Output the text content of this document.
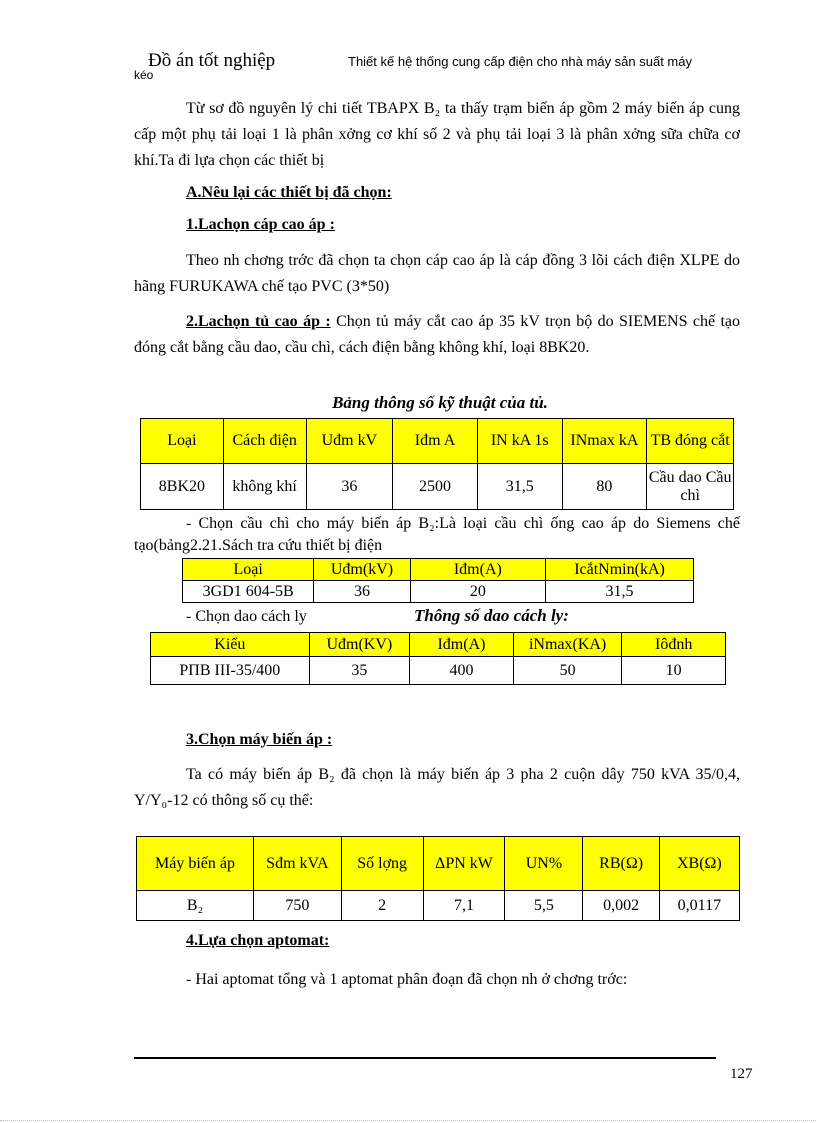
Đồ án tốt nghiệp	Thiết kế hệ thống cung cấp điện cho nhà máy sản suất máy
kéo

Từ sơ đồ nguyên lý chi tiết TBAPX B₂ ta thấy trạm biến áp gồm 2 máy biến áp cung cấp một phụ tải loại 1 là phân xởng cơ khí số 2 và phụ tải loại 3 là phân xởng sữa chữa cơ khí.Ta đi lựa chọn các thiết bị

A.Nêu lại các thiết bị đã chọn:
1.Lachọn cáp cao áp :

Theo nh chơng trớc đã chọn ta chọn cáp cao áp là cáp đồng 3 lõi cách điện XLPE do hãng FURUKAWA chế tạo PVC (3*50)

2.Lachọn tủ cao áp : Chọn tủ máy cắt cao áp 35 kV trọn bộ do SIEMENS chế tạo đóng cắt bằng cầu dao, cầu chì, cách điện bằng không khí, loại 8BK20.

Bảng thông số kỹ thuật của tủ.
Loại	Cách điện	Uđm kV	Iđm A	IN kA 1s	INmax kA	TB đóng cắt
8BK20	không khí	36	2500	31,5	80	Cầu dao Cầu chì

- Chọn cầu chì cho máy biến áp B₂:Là loại cầu chì ống cao áp do Siemens chế tạo(bảng2.21.Sách tra cứu thiết bị điện

Loại	Uđm(kV)	Iđm(A)	IcắtNmin(kA)
3GD1 604-5B	36	20	31,5
- Chọn dao cách ly	Thông số dao cách ly:
Kiểu	Uđm(KV)	Iđm(A)	iNmax(KA)	Iôđnh
PΠB III-35/400	35	400	50	10
3.Chọn máy biến áp :

Ta có máy biến áp B₂ đã chọn là máy biến áp 3 pha 2 cuộn dây 750 kVA 35/0,4, Y/Y₀-12 có thông số cụ thể:

Máy biến áp	Sđm kVA	Số lợng	ΔPN kW	UN%	RB(Ω)	XB(Ω)
B₂	750	2	7,1	5,5	0,002	0,0117
4.Lựa chọn aptomat:

- Hai aptomat tổng và 1 aptomat phân đoạn đã chọn nh ở chơng trớc:

127
